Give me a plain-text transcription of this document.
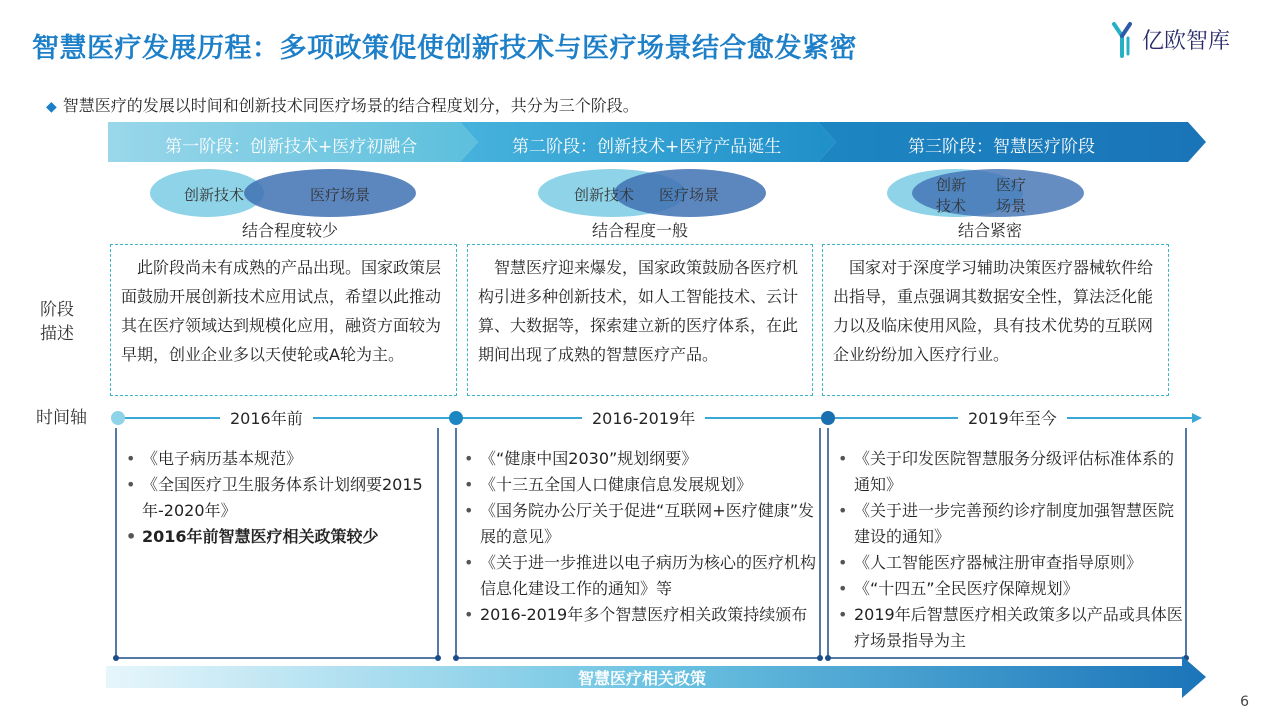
智慧医疗发展历程：多项政策促使创新技术与医疗场景结合愈发紧密	亿欧智库
◆ 智慧医疗的发展以时间和创新技术同医疗场景的结合程度划分，共分为三个阶段。
第一阶段：创新技术+医疗初融合	第二阶段：创新技术+医疗产品诞生	第三阶段：智慧医疗阶段
创新技术	医疗场景	创新技术 医疗场景
创新
技术
医疗
场景
结合程度较少	结合程度一般	结合紧密
阶段
描述
时间轴
　此阶段尚未有成熟的产品出现。国家政策层面鼓励开展创新技术应用试点，希望以此推动其在医疗领域达到规模化应用，融资方面较为早期，创业企业多以天使轮或A轮为主。
　智慧医疗迎来爆发，国家政策鼓励各医疗机构引进多种创新技术，如人工智能技术、云计算、大数据等，探索建立新的医疗体系，在此期间出现了成熟的智慧医疗产品。
　国家对于深度学习辅助决策医疗器械软件给出指导，重点强调其数据安全性，算法泛化能力以及临床使用风险，具有技术优势的互联网企业纷纷加入医疗行业。
2016年前	2016-2019年	2019年至今
• 《电子病历基本规范》
• 《全国医疗卫生服务体系计划纲要2015年-2020年》
• 2016年前智慧医疗相关政策较少
• 《“健康中国2030”规划纲要》
• 《十三五全国人口健康信息发展规划》
• 《国务院办公厅关于促进“互联网+医疗健康”发展的意见》
• 《关于进一步推进以电子病历为核心的医疗机构信息化建设工作的通知》等
• 2016-2019年多个智慧医疗相关政策持续颁布
• 《关于印发医院智慧服务分级评估标准体系的通知》
• 《关于进一步完善预约诊疗制度加强智慧医院建设的通知》
• 《人工智能医疗器械注册审查指导原则》
• 《“十四五”全民医疗保障规划》
• 2019年后智慧医疗相关政策多以产品或具体医疗场景指导为主
智慧医疗相关政策
6
